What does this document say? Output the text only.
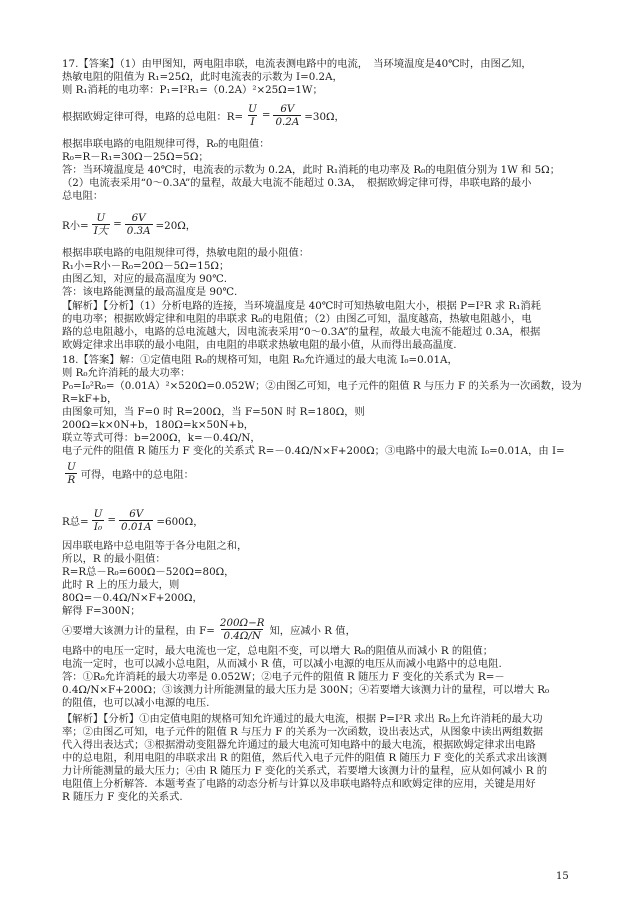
17.【答案】（1）由甲图知，两电阻串联，电流表测电路中的电流，　当环境温度是40℃时，由图乙知，
热敏电阻的阻值为 R₁=25Ω，此时电流表的示数为 I=0.2A，
则 R₁消耗的电功率：P₁=I²R₁=（0.2A）²×25Ω=1W；
根据串联电路的电阻规律可得，R₀的电阻值：
R₀=R－R₁=30Ω－25Ω=5Ω；
答：当环境温度是 40℃时，电流表的示数为 0.2A，此时 R₁消耗的电功率及 R₀的电阻值分别为 1W 和 5Ω；
（2）电流表采用“0～0.3A”的量程，故最大电流不能超过 0.3A，　根据欧姆定律可得，串联电路的最小
总电阻：
根据串联电路的电阻规律可得，热敏电阻的最小阻值：
R₁小=R小－R₀=20Ω－5Ω=15Ω；
由图乙知，对应的最高温度为 90℃.
答：该电路能测量的最高温度是 90℃.
【解析】【分析】（1）分析电路的连接，当环境温度是 40℃时可知热敏电阻大小，根据 P=I²R 求 R₁消耗
的电功率；根据欧姆定律和电阻的串联求 R₀的电阻值；（2）由图乙可知，温度越高，热敏电阻越小，电
路的总电阻越小，电路的总电流越大，因电流表采用“0～0.3A”的量程，故最大电流不能超过 0.3A，根据
欧姆定律求出串联的最小电阻，由电阻的串联求热敏电阻的最小值，从而得出最高温度.
18.【答案】解：①定值电阻 R₀的规格可知，电阻 R₀允许通过的最大电流 I₀=0.01A，
则 R₀允许消耗的最大功率：
P₀=I₀²R₀=（0.01A）²×520Ω=0.052W；②由图乙可知，电子元件的阻值 R 与压力 F 的关系为一次函数，设为
R=kF+b，
由图象可知，当 F=0 时 R=200Ω，当 F=50N 时 R=180Ω，则
200Ω=k×0N+b，180Ω=k×50N+b，
联立等式可得：b=200Ω，k=－0.4Ω/N，
电子元件的阻值 R 随压力 F 变化的关系式 R=－0.4Ω/N×F+200Ω；③电路中的最大电流 I₀=0.01A，由 I=
因串联电路中总电阻等于各分电阻之和，
所以，R 的最小阻值：
R=R总－R₀=600Ω－520Ω=80Ω，
此时 R 上的压力最大，则
80Ω=－0.4Ω/N×F+200Ω，
解得 F=300N；
电路中的电压一定时，最大电流也一定，总电阻不变，可以增大 R₀的阻值从而减小 R 的阻值；
电流一定时，也可以减小总电阻，从而减小 R 值，可以减小电源的电压从而减小电路中的总电阻.
答：①R₀允许消耗的最大功率是 0.052W；②电子元件的阻值 R 随压力 F 变化的关系式为 R=－
0.4Ω/N×F+200Ω；③该测力计所能测量的最大压力是 300N；④若要增大该测力计的量程，可以增大 R₀
的阻值，也可以减小电源的电压.
【解析】【分析】①由定值电阻的规格可知允许通过的最大电流，根据 P=I²R 求出 R₀上允许消耗的最大功
率；②由图乙可知，电子元件的阻值 R 与压力 F 的关系为一次函数，设出表达式，从图象中读出两组数据
代入得出表达式；③根据滑动变阻器允许通过的最大电流可知电路中的最大电流，根据欧姆定律求出电路
中的总电阻，利用电阻的串联求出 R 的阻值，然后代入电子元件的阻值 R 随压力 F 变化的关系式求出该测
力计所能测量的最大压力；④由 R 随压力 F 变化的关系式，若要增大该测力计的量程，应从如何减小 R 的
电阻值上分析解答．本题考查了电路的动态分析与计算以及串联电路特点和欧姆定律的应用，关键是用好
R 随压力 F 变化的关系式.
根据欧姆定律可得，电路的总电阻：$R= \frac{U}{I} = \frac{6V}{0.2A} =30\Omega$，
R小=
U
I大
= $\frac{6V}{0.3A} =20\Omega$，
$\frac{U}{R}$ 可得，电路中的总电阻：
R总= $\frac{U}{\text{I₀}} = \frac{6V}{0.01A} =600\Omega$，
④要增大该测力计的量程，由 $F= \frac{200\Omega-R}{0.4\Omega/N}$ 知，应减小 R 值，
15
